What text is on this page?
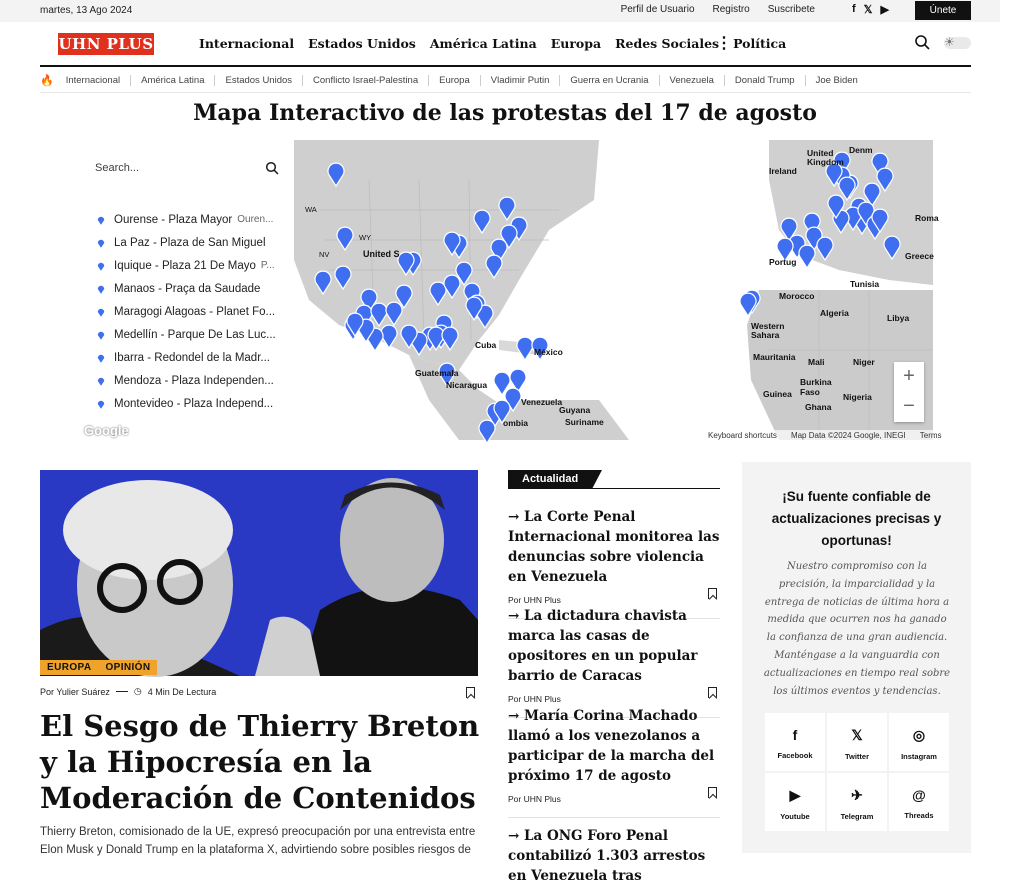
martes, 13 Ago 2024	Perfil de Usuario Registro Suscribete	f 𝕏 ▶	Únete
UHN PLUS	Internacional Estados Unidos América Latina Europa Redes Sociales Política
⋮	☀
🔥 Internacional	América Latina	Estados Unidos	Conflicto Israel-Palestina	Europa	Vladimir Putin	Guerra en Ucrania	Venezuela	Donald Trump	Joe Biden
Mapa Interactivo de las protestas del 17 de agosto
Ireland
United Kingdom
Denm
Portug
Greece
Morocco
Tunisia
Algeria	Libya
Western Sahara
Mauritania Mali	Niger
Burkina Faso
Ghana
Nigeria
Guinea
Roma
Cuba
México
Nicaragua
Venezuela
Guyana
Suriname
Guatemala
United S
WA
WY
NV
ombia
+
−
Search...
Ourense - Plaza Mayor Ouren...
La Paz - Plaza de San Miguel
Iquique - Plaza 21 De Mayo P...
Manaos - Praça da Saudade
Maragogi Alagoas - Planet Fo...
Medellín - Parque De Las Luc...
Ibarra - Redondel de la Madr...
Mendoza - Plaza Independen...
Montevideo - Plaza Independ...
Google	Keyboard shortcuts Map Data ©2024 Google, INEGI Terms
EUROPA	OPINIÓN
Por Yulier Suárez	◷ 4 Min De Lectura
El Sesgo de Thierry Breton y la Hipocresía en la Moderación de Contenidos
Thierry Breton, comisionado de la UE, expresó preocupación por una entrevista entre Elon Musk y Donald Trump en la plataforma X, advirtiendo sobre posibles riesgos de
Actualidad
→ La Corte Penal Internacional monitorea las denuncias sobre violencia en Venezuela
Por UHN Plus
→ La dictadura chavista marca las casas de opositores en un popular barrio de Caracas
Por UHN Plus
→ María Corina Machado llamó a los venezolanos a participar de la marcha del próximo 17 de agosto
Por UHN Plus
→ La ONG Foro Penal contabilizó 1.303 arrestos en Venezuela tras
¡Su fuente confiable de actualizaciones precisas y oportunas!

Nuestro compromiso con la precisión, la imparcialidad y la entrega de noticias de última hora a medida que ocurren nos ha ganado la confianza de una gran audiencia. Manténgase a la vanguardia con actualizaciones en tiempo real sobre los últimos eventos y tendencias.

f
Facebook
𝕏
Twitter
◎
Instagram
▶
Youtube
✈
Telegram
@
Threads
